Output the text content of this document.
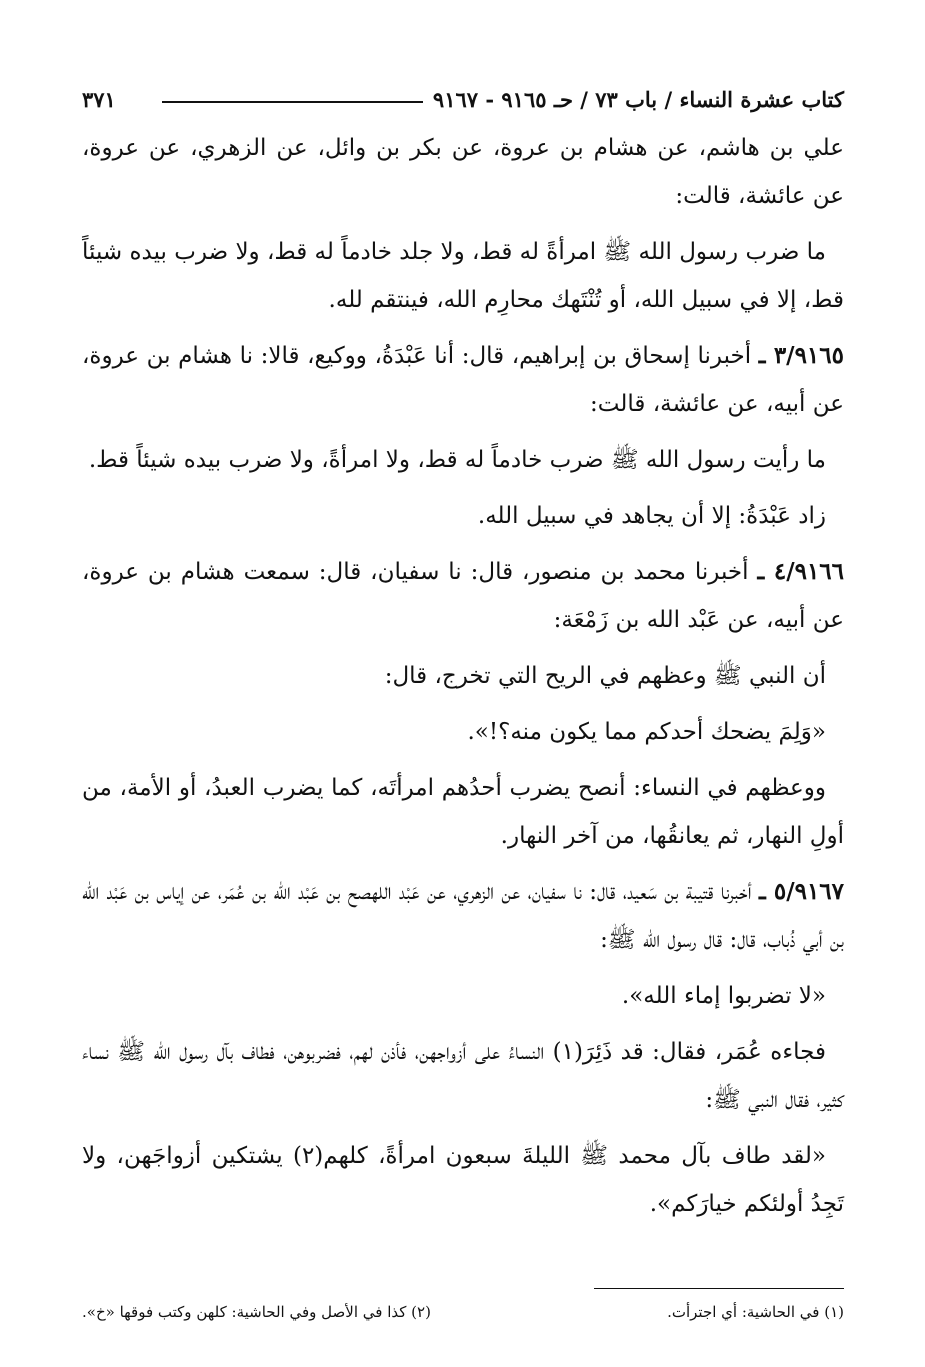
كتاب عشرة النساء / باب ٧٣ / حـ ٩١٦٥ - ٩١٦٧
٣٧١

علي بن هاشم، عن هشام بن عروة، عن بكر بن وائل، عن الزهري، عن عروة، عن عائشة، قالت:

ما ضرب رسول الله ﷺ امرأةً له قط، ولا جلد خادماً له قط، ولا ضرب بيده شيئاً قط، إلا في سبيل الله، أو تُنْتَهك محارِم الله، فينتقم لله.

٣/٩١٦٥ ـ أخبرنا إسحاق بن إبراهيم، قال: أنا عَبْدَةُ، ووكيع، قالا: نا هشام بن عروة، عن أبيه، عن عائشة، قالت:

ما رأيت رسول الله ﷺ ضرب خادماً له قط، ولا امرأةً، ولا ضرب بيده شيئاً قط.

زاد عَبْدَةُ: إلا أن يجاهد في سبيل الله.

٤/٩١٦٦ ـ أخبرنا محمد بن منصور، قال: نا سفيان، قال: سمعت هشام بن عروة، عن أبيه، عن عَبْد الله بن زَمْعَة:

أن النبي ﷺ وعظهم في الريح التي تخرج، قال:

«وَلِمَ يضحك أحدكم مما يكون منه؟!».

ووعظهم في النساء: أنصح يضرب أحدُهم امرأتَه، كما يضرب العبدُ، أو الأمة، من أولِ النهار، ثم يعانقُها، من آخر النهار.

٥/٩١٦٧ ـ أخبرنا قتيبة بن سَعيد، قال: نا سفيان، عن الزهري، عن عَبْد اللهصح بن عَبْد الله بن عُمَر، عن إياس بن عَبْد الله بن أبي ذُباب، قال: قال رسول الله ﷺ:

«لا تضربوا إماء الله».

فجاءه عُمَر، فقال: قد ذَئِرَ(١) النساءُ على أزواجهن، فأذن لهم، فضربوهن، فطاف بآل رسول الله ﷺ نساء كثير، فقال النبي ﷺ:

«لقد طاف بآل محمد ﷺ الليلةَ سبعون امرأةً، كلهم(٢) يشتكين أزواجَهن، ولا تَجِدُ أولئكم خيارَكم».

(١) في الحاشية: أي اجترأت.
(٢) كذا في الأصل وفي الحاشية: كلهن وكتب فوقها «خ».
